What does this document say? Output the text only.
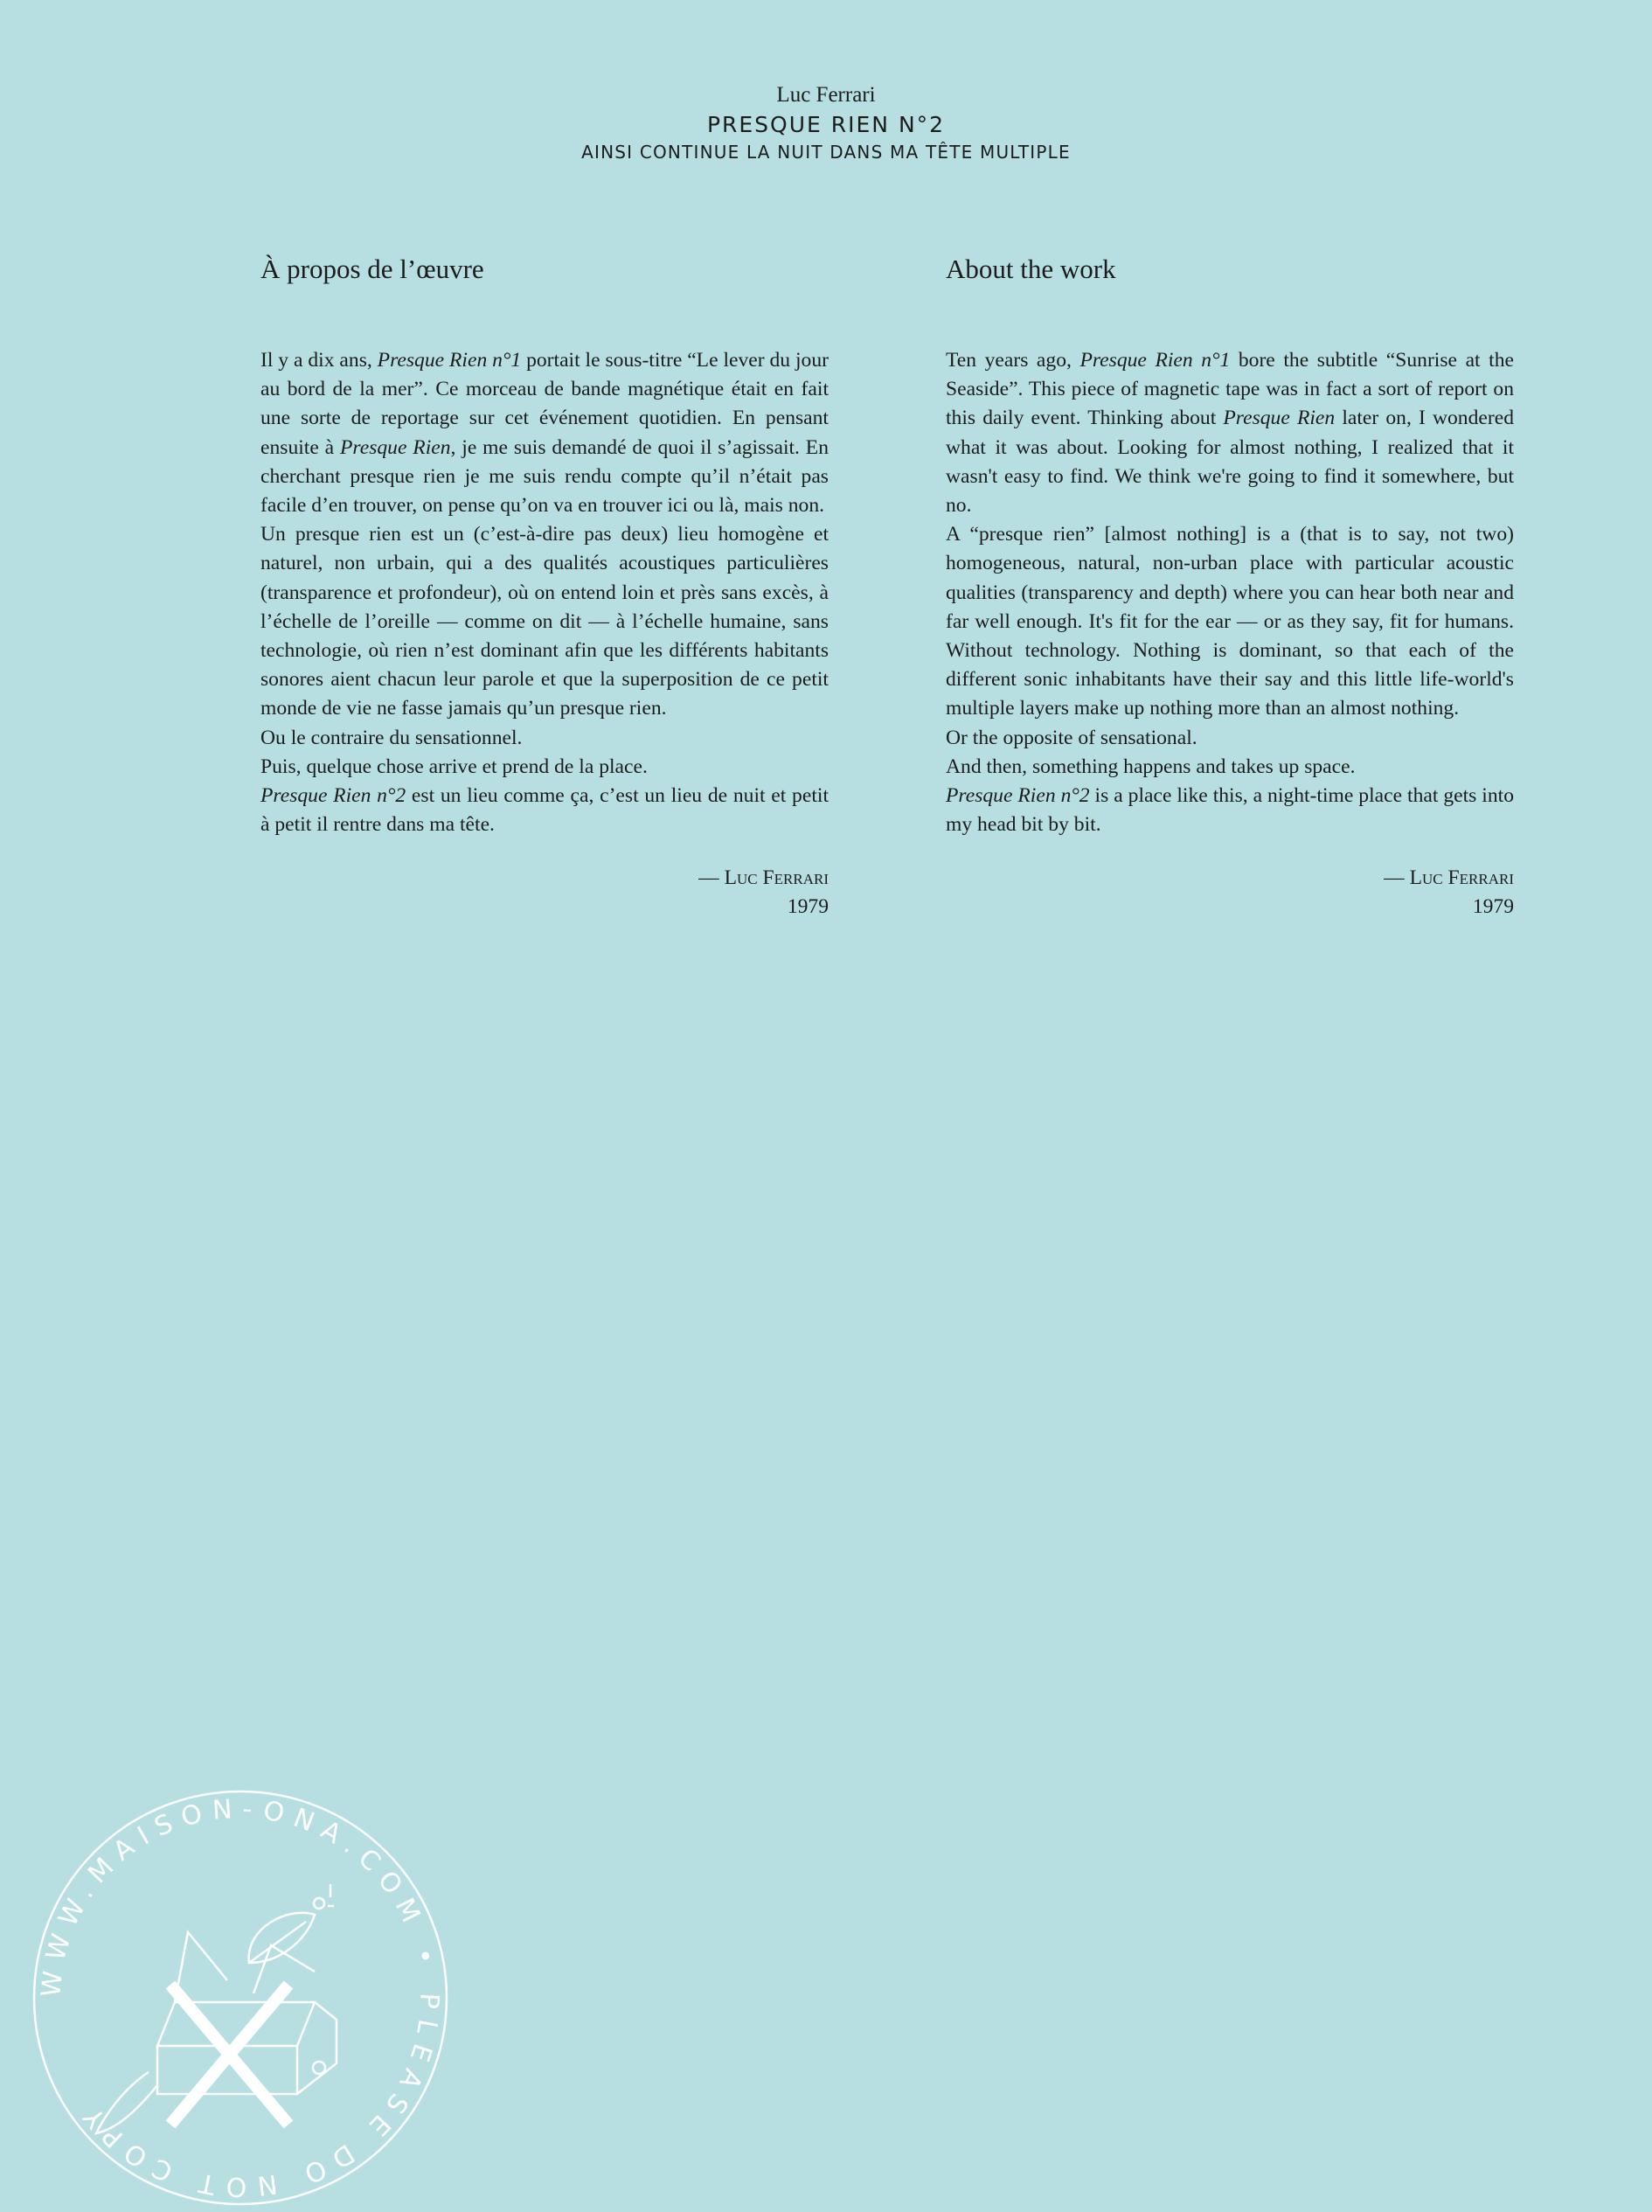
Luc Ferrari
PRESQUE RIEN N°2
AINSI CONTINUE LA NUIT DANS MA TÊTE MULTIPLE
À propos de l’œuvre

Il y a dix ans, Presque Rien n°1 portait le sous-titre “Le lever du jour au bord de la mer”. Ce morceau de bande magnétique était en fait une sorte de reportage sur cet événement quotidien. En pensant ensuite à Presque Rien, je me suis demandé de quoi il s’agissait. En cherchant presque rien je me suis rendu compte qu’il n’était pas facile d’en trouver, on pense qu’on va en trouver ici ou là, mais non.

Un presque rien est un (c’est-à-dire pas deux) lieu homogène et naturel, non urbain, qui a des qualités acoustiques particulières (transparence et profondeur), où on entend loin et près sans excès, à l’échelle de l’oreille — comme on dit — à l’échelle humaine, sans technologie, où rien n’est dominant afin que les différents habitants sonores aient chacun leur parole et que la superposition de ce petit monde de vie ne fasse jamais qu’un presque rien.

Ou le contraire du sensationnel.

Puis, quelque chose arrive et prend de la place.

Presque Rien n°2 est un lieu comme ça, c’est un lieu de nuit et petit à petit il rentre dans ma tête.

— Luc Ferrari
1979
About the work

Ten years ago, Presque Rien n°1 bore the subtitle “Sunrise at the Seaside”. This piece of magnetic tape was in fact a sort of report on this daily event. Thinking about Presque Rien later on, I wondered what it was about. Looking for almost nothing, I realized that it wasn't easy to find. We think we're going to find it somewhere, but no.

A “presque rien” [almost nothing] is a (that is to say, not two) homogeneous, natural, non-urban place with particular acoustic qualities (transparency and depth) where you can hear both near and far well enough. It's fit for the ear — or as they say, fit for humans. Without technology. Nothing is dominant, so that each of the different sonic inhabitants have their say and this little life-world's multiple layers make up nothing more than an almost nothing.

Or the opposite of sensational.

And then, something happens and takes up space.

Presque Rien n°2 is a place like this, a night-time place that gets into my head bit by bit.

— Luc Ferrari
1979
WWW.MAISON-ONA.COM • PLEASE DO NOT COPY
